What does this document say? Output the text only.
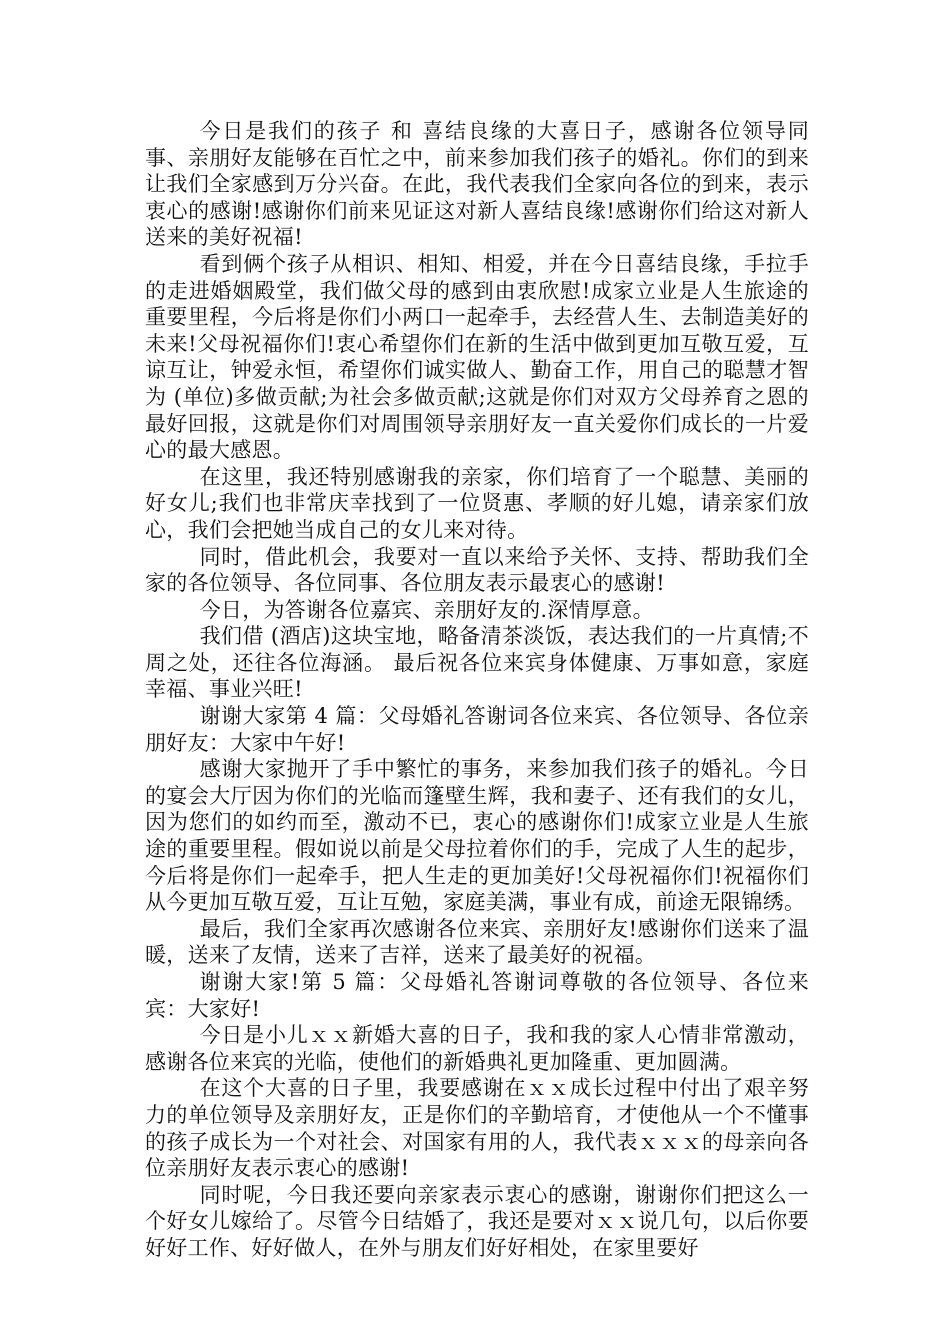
今日是我们的孩子 和 喜结良缘的大喜日子，感谢各位领导同事、亲朋好友能够在百忙之中，前来参加我们孩子的婚礼。你们的到来让我们全家感到万分兴奋。在此，我代表我们全家向各位的到来，表示衷心的感谢!感谢你们前来见证这对新人喜结良缘!感谢你们给这对新人送来的美好祝福!

看到俩个孩子从相识、相知、相爱，并在今日喜结良缘，手拉手的走进婚姻殿堂，我们做父母的感到由衷欣慰!成家立业是人生旅途的重要里程，今后将是你们小两口一起牵手，去经营人生、去制造美好的未来!父母祝福你们!衷心希望你们在新的生活中做到更加互敬互爱，互谅互让，钟爱永恒，希望你们诚实做人、勤奋工作，用自己的聪慧才智为 (单位)多做贡献;为社会多做贡献;这就是你们对双方父母养育之恩的最好回报，这就是你们对周围领导亲朋好友一直关爱你们成长的一片爱心的最大感恩。

在这里，我还特别感谢我的亲家，你们培育了一个聪慧、美丽的好女儿;我们也非常庆幸找到了一位贤惠、孝顺的好儿媳，请亲家们放心，我们会把她当成自己的女儿来对待。

同时，借此机会，我要对一直以来给予关怀、支持、帮助我们全家的各位领导、各位同事、各位朋友表示最衷心的感谢!

今日，为答谢各位嘉宾、亲朋好友的.深情厚意。

我们借 (酒店)这块宝地，略备清茶淡饭，表达我们的一片真情;不周之处，还往各位海涵。 最后祝各位来宾身体健康、万事如意，家庭幸福、事业兴旺!

谢谢大家第 4 篇：父母婚礼答谢词各位来宾、各位领导、各位亲朋好友：大家中午好!

感谢大家抛开了手中繁忙的事务，来参加我们孩子的婚礼。今日的宴会大厅因为你们的光临而篷壁生辉，我和妻子、还有我们的女儿，因为您们的如约而至，激动不已，衷心的感谢你们!成家立业是人生旅途的重要里程。假如说以前是父母拉着你们的手，完成了人生的起步，今后将是你们一起牵手，把人生走的更加美好!父母祝福你们!祝福你们从今更加互敬互爱，互让互勉，家庭美满，事业有成，前途无限锦绣。

最后，我们全家再次感谢各位来宾、亲朋好友!感谢你们送来了温暖，送来了友情，送来了吉祥，送来了最美好的祝福。

谢谢大家!第 5 篇：父母婚礼答谢词尊敬的各位领导、各位来宾：大家好!

今日是小儿ｘｘ新婚大喜的日子，我和我的家人心情非常激动，感谢各位来宾的光临，使他们的新婚典礼更加隆重、更加圆满。

在这个大喜的日子里，我要感谢在ｘｘ成长过程中付出了艰辛努力的单位领导及亲朋好友，正是你们的辛勤培育，才使他从一个不懂事的孩子成长为一个对社会、对国家有用的人，我代表ｘｘｘ的母亲向各位亲朋好友表示衷心的感谢!

同时呢，今日我还要向亲家表示衷心的感谢，谢谢你们把这么一个好女儿嫁给了。尽管今日结婚了，我还是要对ｘｘ说几句，以后你要好好工作、好好做人，在外与朋友们好好相处，在家里要好
